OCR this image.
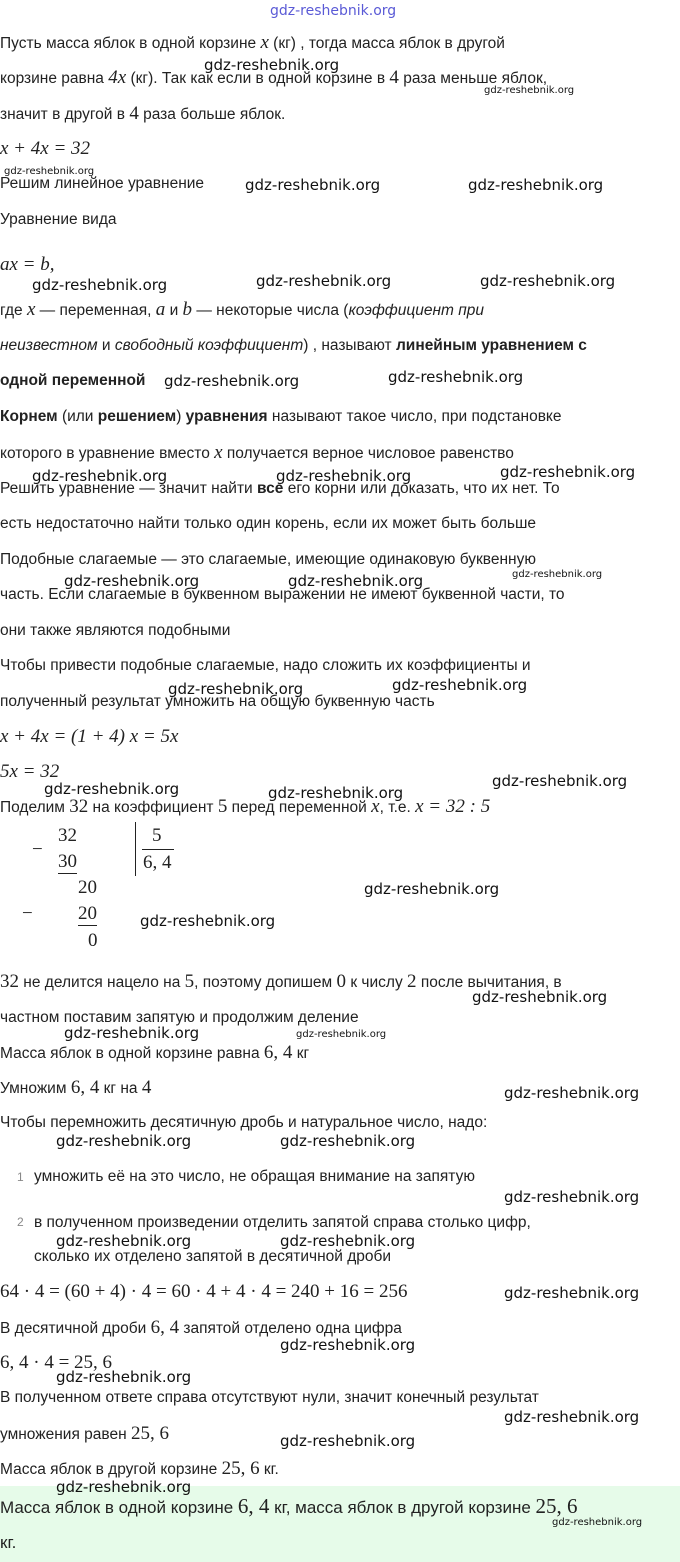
Пусть масса яблок в одной корзине x (кг) , тогда масса яблок в другой

корзине равна 4x (кг). Так как если в одной корзине в 4 раза меньше яблок,

значит в другой в 4 раза больше яблок.

x + 4x = 32

Решим линейное уравнение

Уравнение вида

ax = b,

где x — переменная, a и b — некоторые числа (коэффициент при

неизвестном и свободный коэффициент) , называют линейным уравнением с

одной переменной

Корнем (или решением) уравнения называют такое число, при подстановке

которого в уравнение вместо x получается верное числовое равенство

Решить уравнение — значит найти все его корни или доказать, что их нет. То

есть недостаточно найти только один корень, если их может быть больше

Подобные слагаемые — это слагаемые, имеющие одинаковую буквенную

часть. Если слагаемые в буквенном выражении не имеют буквенной части, то

они также являются подобными

Чтобы привести подобные слагаемые, надо сложить их коэффициенты и

полученный результат умножить на общую буквенную часть

x + 4x = (1 + 4) x = 5x

5x = 32

Поделим 32 на коэффициент 5 перед переменной x, т.е. x = 32 : 5

−
32
30
5
6, 4
20
− 20
0

32 не делится нацело на 5, поэтому допишем 0 к числу 2 после вычитания, в

частном поставим запятую и продолжим деление

Масса яблок в одной корзине равна 6, 4 кг

Умножим 6, 4 кг на 4

Чтобы перемножить десятичную дробь и натуральное число, надо:

1 умножить её на это число, не обращая внимание на запятую

2 в полученном произведении отделить запятой справа столько цифр,

сколько их отделено запятой в десятичной дроби

64 · 4 = (60 + 4) · 4 = 60 · 4 + 4 · 4 = 240 + 16 = 256

В десятичной дроби 6, 4 запятой отделено одна цифра

6, 4 · 4 = 25, 6

В полученном ответе справа отсутствуют нули, значит конечный результат

умножения равен 25, 6

Масса яблок в другой корзине 25, 6 кг.

Масса яблок в одной корзине 6, 4 кг, масса яблок в другой корзине 25, 6

кг.

gdz-reshebnik.org
gdz-reshebnik.org
gdz-reshebnik.org
gdz-reshebnik.org
gdz-reshebnik.org	gdz-reshebnik.org
gdz-reshebnik.org	gdz-reshebnik.org	gdz-reshebnik.org
gdz-reshebnik.org	gdz-reshebnik.org
gdz-reshebnik.org	gdz-reshebnik.org	gdz-reshebnik.org
gdz-reshebnik.org	gdz-reshebnik.org	gdz-reshebnik.org
gdz-reshebnik.org	gdz-reshebnik.org
gdz-reshebnik.org	gdz-reshebnik.org
gdz-reshebnik.org
gdz-reshebnik.org
gdz-reshebnik.org
gdz-reshebnik.org
gdz-reshebnik.org	gdz-reshebnik.org
gdz-reshebnik.org
gdz-reshebnik.org	gdz-reshebnik.org
gdz-reshebnik.org
gdz-reshebnik.org	gdz-reshebnik.org
gdz-reshebnik.org
gdz-reshebnik.org
gdz-reshebnik.org
gdz-reshebnik.org
gdz-reshebnik.org
gdz-reshebnik.org
gdz-reshebnik.org
